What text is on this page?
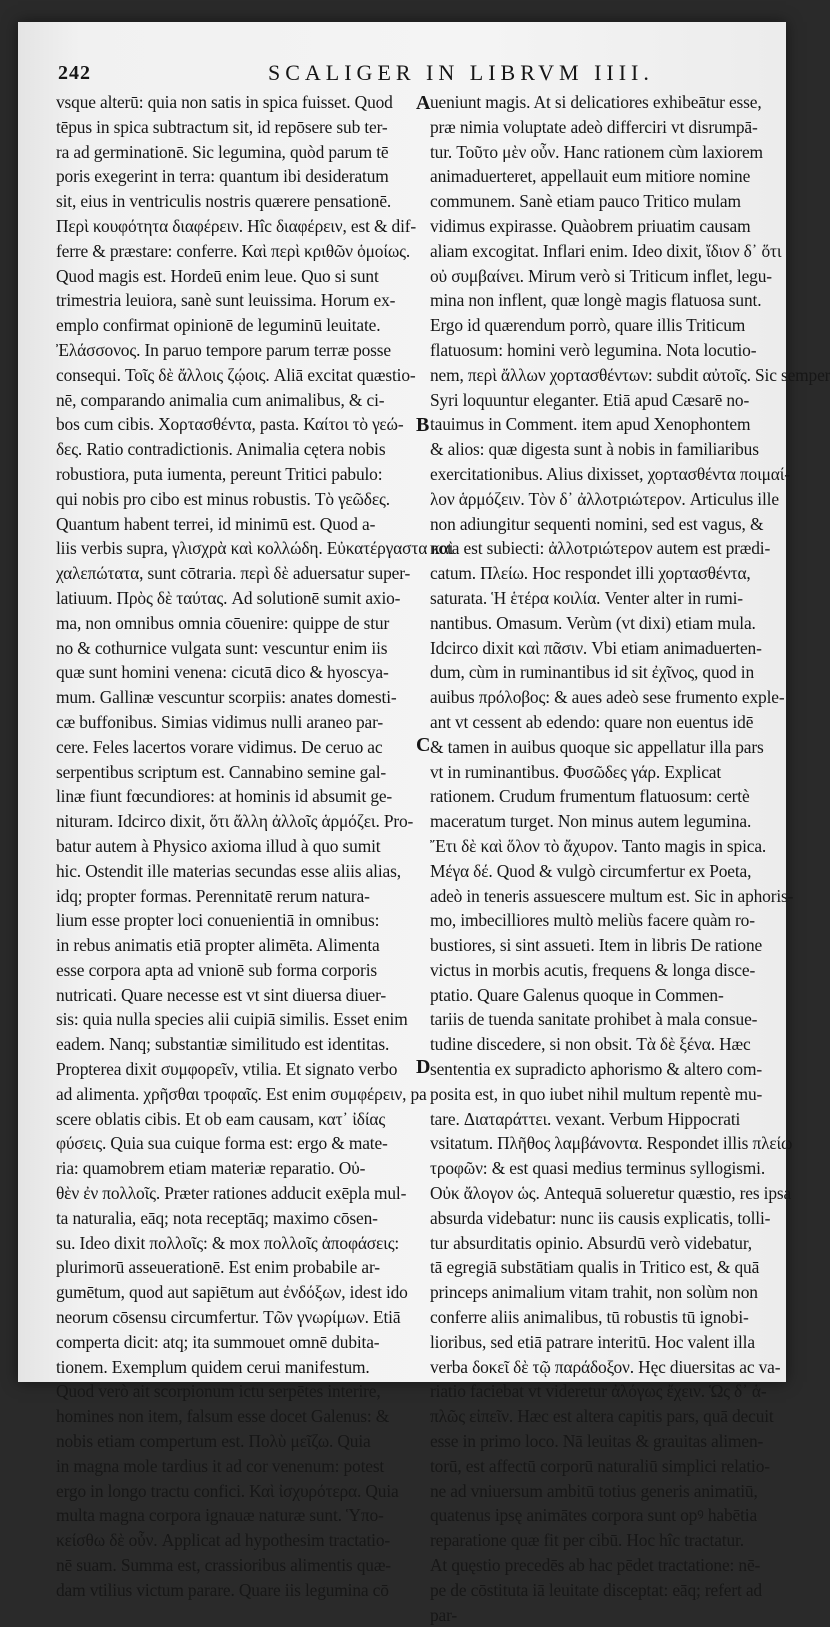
242	SCALIGER IN LIBRVM IIII.

vsque alterū: quia non satis in spica fuisset. Quod

tēpus in spica subtractum sit, id repōsere sub ter-

ra ad germinationē. Sic legumina, quòd parum tē

poris exegerint in terra: quantum ibi desideratum

sit, eius in ventriculis nostris quærere pensationē.

Περὶ κουφότητα διαφέρειν. Hîc διαφέρειν, est & dif-

ferre & præstare: conferre. Καὶ περὶ κριθῶν ὁμοίως.

Quod magis est. Hordeū enim leue. Quo si sunt

trimestria leuiora, sanè sunt leuissima. Horum ex-

emplo confirmat opinionē de leguminū leuitate.

Ἐλάσσονος. In paruo tempore parum terræ posse

consequi. Τοῖς δὲ ἄλλοις ζῴοις. Aliā excitat quæstio-

nē, comparando animalia cum animalibus, & ci-

bos cum cibis. Χορτασθέντα, pasta. Καίτοι τὸ γεώ-

δες. Ratio contradictionis. Animalia cętera nobis

robustiora, puta iumenta, pereunt Tritici pabulo:

qui nobis pro cibo est minus robustis. Τὸ γεῶδες.

Quantum habent terrei, id minimū est. Quod a-

liis verbis supra, γλισχρὰ καὶ κολλώδη. Εὐκατέργαστα καὶ

χαλεπώτατα, sunt cōtraria. περὶ δὲ aduersatur super-

latiuum. Πρὸς δὲ ταύτας. Ad solutionē sumit axio-

ma, non omnibus omnia cōuenire: quippe de stur

no & cothurnice vulgata sunt: vescuntur enim iis

quæ sunt homini venena: cicutā dico & hyoscya-

mum. Gallinæ vescuntur scorpiis: anates domesti-

cæ buffonibus. Simias vidimus nulli araneo par-

cere. Feles lacertos vorare vidimus. De ceruo ac

serpentibus scriptum est. Cannabino semine gal-

linæ fiunt fœcundiores: at hominis id absumit ge-

nituram. Idcirco dixit, ὅτι ἄλλη ἀλλοῖς ἁρμόζει. Pro-

batur autem à Physico axioma illud à quo sumit

hic. Ostendit ille materias secundas esse aliis alias,

idq; propter formas. Perennitatē rerum natura-

lium esse propter loci conuenientiā in omnibus:

in rebus animatis etiā propter alimēta. Alimenta

esse corpora apta ad vnionē sub forma corporis

nutricati. Quare necesse est vt sint diuersa diuer-

sis: quia nulla species alii cuipiā similis. Esset enim

eadem. Nanq; substantiæ similitudo est identitas.

Propterea dixit συμφορεῖν, vtilia. Et signato verbo

ad alimenta. χρῆσθαι τροφαῖς. Est enim συμφέρειν, pa

scere oblatis cibis. Et ob eam causam, κατ᾽ ἰδίας

φύσεις. Quia sua cuique forma est: ergo & mate-

ria: quamobrem etiam materiæ reparatio. Οὐ-

θὲν ἐν πολλοῖς. Præter rationes adducit exēpla mul-

ta naturalia, eāq; nota receptāq; maximo cōsen-

su. Ideo dixit πολλοῖς: & mox πολλοῖς ἀποφάσεις:

plurimorū asseuerationē. Est enim probabile ar-

gumētum, quod aut sapiētum aut ἐνδόξων, idest ido

neorum cōsensu circumfertur. Τῶν γνωρίμων. Etiā

comperta dicit: atq; ita summouet omnē dubita-

tionem. Exemplum quidem cerui manifestum.

Quod verò ait scorpionum ictu serpētes interire,

homines non item, falsum esse docet Galenus: &

nobis etiam compertum est. Πολὺ μεῖζω. Quia

in magna mole tardius it ad cor venenum: potest

ergo in longo tractu confici. Καὶ ἰσχυρότερα. Quia

multa magna corpora ignauæ naturæ sunt. Ὑπο-

κείσθω δὲ οὖν. Applicat ad hypothesim tractatio-

nē suam. Summa est, crassioribus alimentis quæ-

dam vtilius victum parare. Quare iis legumina cō

ueniunt magis. At si delicatiores exhibeātur esse,

præ nimia voluptate adeò differciri vt disrumpā-

tur. Τοῦτο μὲν οὖν. Hanc rationem cùm laxiorem

animaduerteret, appellauit eum mitiore nomine

communem. Sanè etiam pauco Tritico mulam

vidimus expirasse. Quàobrem priuatim causam

aliam excogitat. Inflari enim. Ideo dixit, ἴδιον δ᾽ ὅτι

οὐ συμβαίνει. Mirum verò si Triticum inflet, legu-

mina non inflent, quæ longè magis flatuosa sunt.

Ergo id quærendum porrò, quare illis Triticum

flatuosum: homini verò legumina. Nota locutio-

nem, περὶ ἄλλων χορτασθέντων: subdit αὐτοῖς. Sic semper

Syri loquuntur eleganter. Etiā apud Cæsarē no-

tauimus in Comment. item apud Xenophontem

& alios: quæ digesta sunt à nobis in familiaribus

exercitationibus. Alius dixisset, χορτασθέντα ποιμαί-

λον ἁρμόζειν. Τὸν δ᾽ ἀλλοτριώτερον. Articulus ille

non adiungitur sequenti nomini, sed est vagus, &

nota est subiecti: ἀλλοτριώτερον autem est prædi-

catum. Πλείω. Hoc respondet illi χορτασθέντα,

saturata. Ἡ ἑτέρα κοιλία. Venter alter in rumi-

nantibus. Omasum. Verùm (vt dixi) etiam mula.

Idcirco dixit καὶ πᾶσιν. Vbi etiam animaduerten-

dum, cùm in ruminantibus id sit ἐχῖνος, quod in

auibus πρόλοβος: & aues adeò sese frumento exple-

ant vt cessent ab edendo: quare non euentus idē

& tamen in auibus quoque sic appellatur illa pars

vt in ruminantibus. Φυσῶδες γάρ. Explicat

rationem. Crudum frumentum flatuosum: certè

maceratum turget. Non minus autem legumina.

Ἔτι δὲ καὶ ὅλον τὸ ἄχυρον. Tanto magis in spica.

Μέγα δέ. Quod & vulgò circumfertur ex Poeta,

adeò in teneris assuescere multum est. Sic in aphoris-

mo, imbecilliores multò meliùs facere quàm ro-

bustiores, si sint assueti. Item in libris De ratione

victus in morbis acutis, frequens & longa disce-

ptatio. Quare Galenus quoque in Commen-

tariis de tuenda sanitate prohibet à mala consue-

tudine discedere, si non obsit. Τὰ δὲ ξένα. Hæc

sententia ex supradicto aphorismo & altero com-

posita est, in quo iubet nihil multum repentè mu-

tare. Διαταράττει. vexant. Verbum Hippocrati

vsitatum. Πλῆθος λαμβάνοντα. Respondet illis πλείω

τροφῶν: & est quasi medius terminus syllogismi.

Οὐκ ἄλογον ὡς. Antequā solueretur quæstio, res ipsa

absurda videbatur: nunc iis causis explicatis, tolli-

tur absurditatis opinio. Absurdū verò videbatur,

tā egregiā substātiam qualis in Tritico est, & quā

princeps animalium vitam trahit, non solùm non

conferre aliis animalibus, tū robustis tū ignobi-

lioribus, sed etiā patrare interitū. Hoc valent illa

verba δοκεῖ δὲ τῷ παράδοξον. Hęc diuersitas ac va-

riatio faciebat vt videretur ἀλόγως ἔχειν. Ὡς δ᾽ ἁ-

πλῶς εἰπεῖν. Hæc est altera capitis pars, quā decuit

esse in primo loco. Nā leuitas & grauitas alimen-

torū, est affectū corporū naturaliū simplici relatio-

ne ad vniuersum ambitū totius generis animatiū,

quatenus ipsę animātes corpora sunt opꝰ habētia

reparatione quæ fit per cibū. Hoc hîc tractatur.

At quęstio precedēs ab hac pēdet tractatione: nē-

pe de cōstituta iā leuitate disceptat: eāq; refert ad

par-

A
B
C
D
